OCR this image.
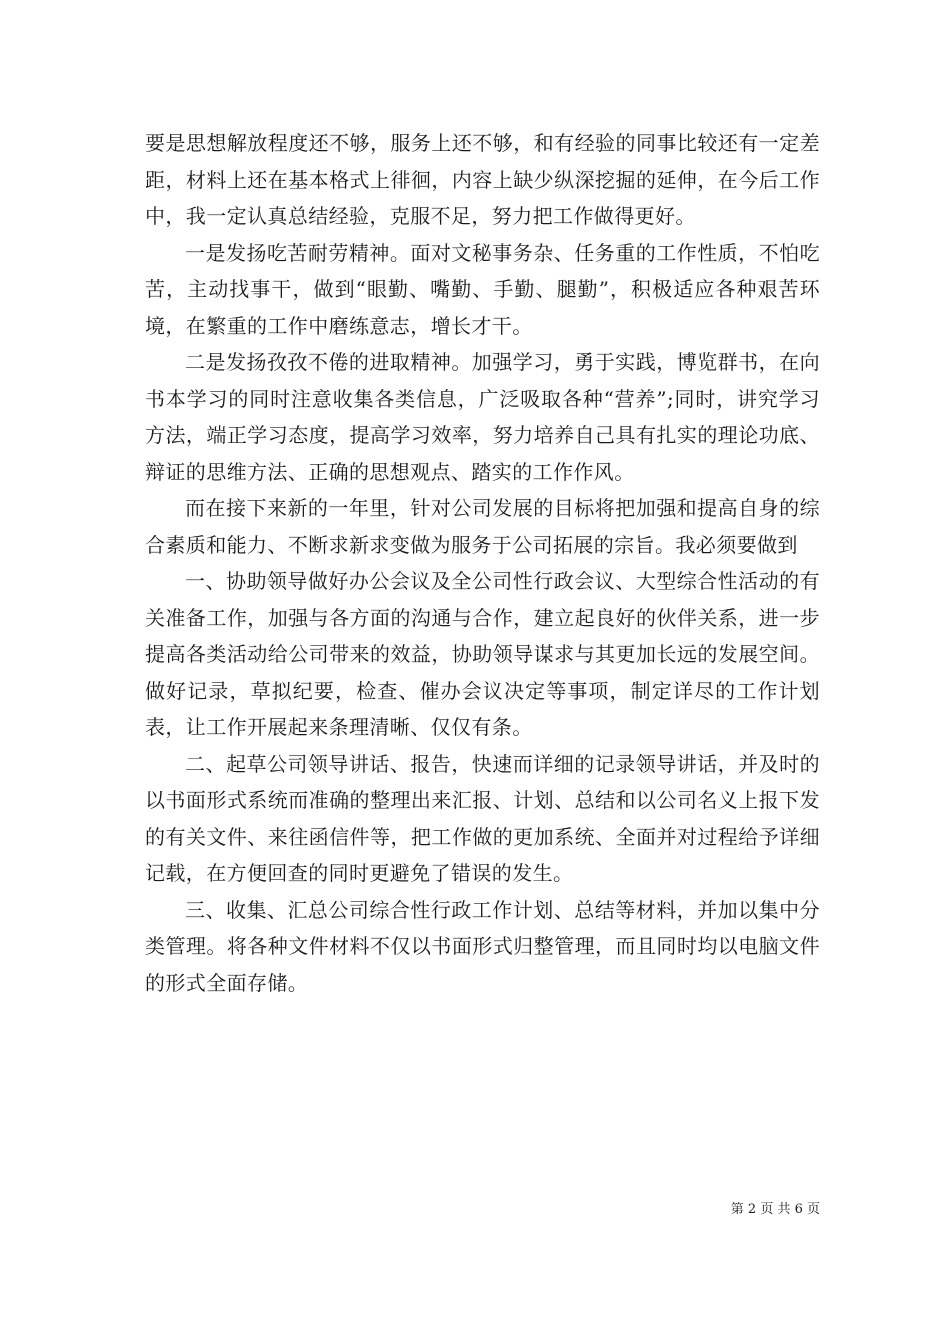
要是思想解放程度还不够，服务上还不够，和有经验的同事比较还有一定差距，材料上还在基本格式上徘徊，内容上缺少纵深挖掘的延伸，在今后工作中，我一定认真总结经验，克服不足，努力把工作做得更好。

一是发扬吃苦耐劳精神。面对文秘事务杂、任务重的工作性质，不怕吃苦，主动找事干，做到“眼勤、嘴勤、手勤、腿勤”，积极适应各种艰苦环境，在繁重的工作中磨练意志，增长才干。

二是发扬孜孜不倦的进取精神。加强学习，勇于实践，博览群书，在向书本学习的同时注意收集各类信息，广泛吸取各种“营养”;同时，讲究学习方法，端正学习态度，提高学习效率，努力培养自己具有扎实的理论功底、辩证的思维方法、正确的思想观点、踏实的工作作风。

而在接下来新的一年里，针对公司发展的目标将把加强和提高自身的综合素质和能力、不断求新求变做为服务于公司拓展的宗旨。我必须要做到

一、协助领导做好办公会议及全公司性行政会议、大型综合性活动的有关准备工作，加强与各方面的沟通与合作，建立起良好的伙伴关系，进一步提高各类活动给公司带来的效益，协助领导谋求与其更加长远的发展空间。做好记录，草拟纪要，检查、催办会议决定等事项，制定详尽的工作计划表，让工作开展起来条理清晰、仅仅有条。

二、起草公司领导讲话、报告，快速而详细的记录领导讲话，并及时的以书面形式系统而准确的整理出来汇报、计划、总结和以公司名义上报下发的有关文件、来往函信件等，把工作做的更加系统、全面并对过程给予详细记载，在方便回查的同时更避免了错误的发生。

三、收集、汇总公司综合性行政工作计划、总结等材料，并加以集中分类管理。将各种文件材料不仅以书面形式归整管理，而且同时均以电脑文件的形式全面存储。

第 2 页 共 6 页
